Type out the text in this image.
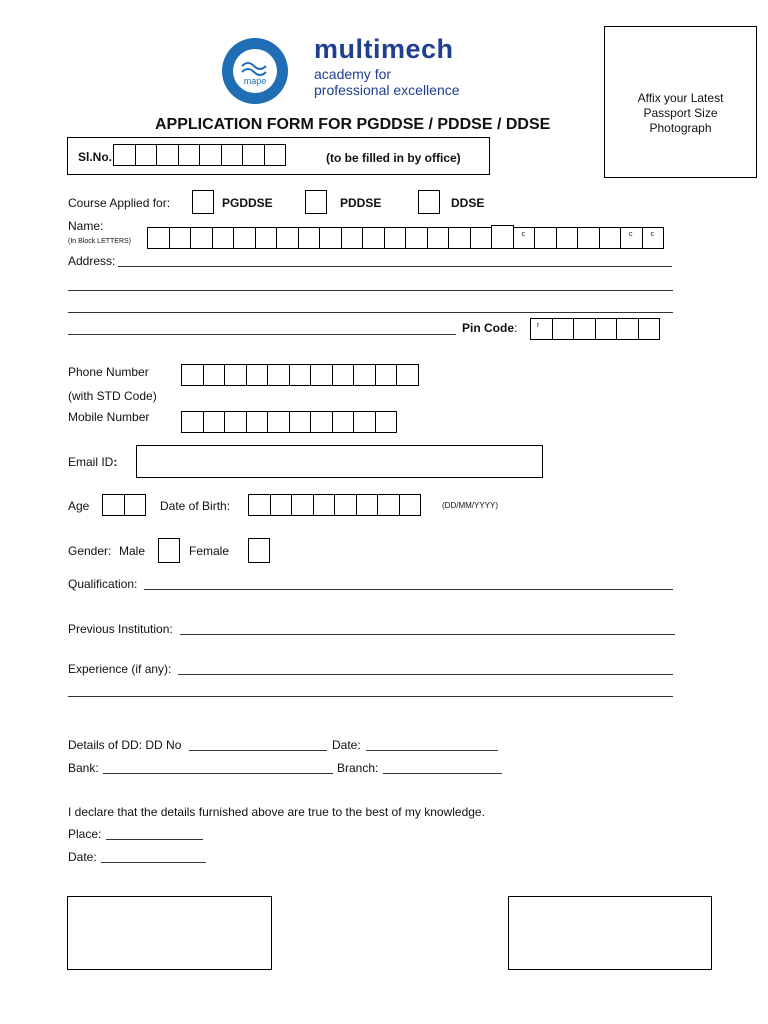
mape
multimech
academy for
professional excellence	Affix your Latest
Passport Size
Photograph
APPLICATION FORM FOR PGDDSE / PDDSE / DDSE
Sl.No.	(to be filled in by office)
Course Applied for:	PGDDSE	PDDSE	DDSE
Name:
(In Block LETTERS)
c	c	c
Address:
Pin Code:	r
Phone Number
(with STD Code)
Mobile Number
Email ID:
Age	Date of Birth:	(DD/MM/YYYY)
Gender: Male	Female
Qualification:
Previous Institution:
Experience (if any):
Details of DD: DD No	Date:
Bank:	Branch:
I declare that the details furnished above are true to the best of my knowledge.
Place:
Date:
